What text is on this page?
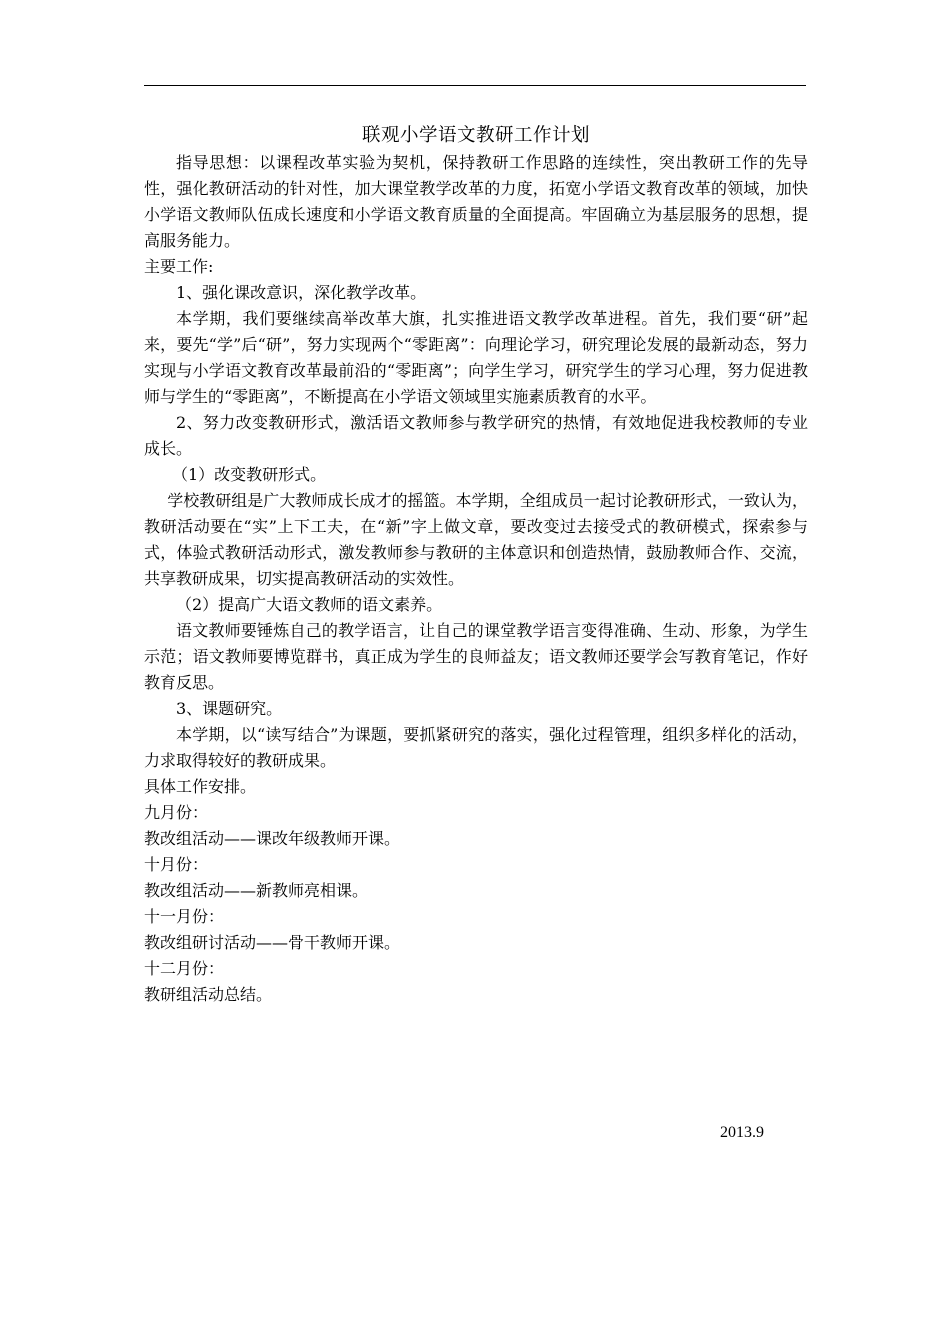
联观小学语文教研工作计划

指导思想：以课程改革实验为契机，保持教研工作思路的连续性，突出教研工作的先导性，强化教研活动的针对性，加大课堂教学改革的力度，拓宽小学语文教育改革的领域，加快小学语文教师队伍成长速度和小学语文教育质量的全面提高。牢固确立为基层服务的思想，提高服务能力。

主要工作:

1、强化课改意识，深化教学改革。

本学期，我们要继续高举改革大旗，扎实推进语文教学改革进程。首先，我们要“研”起来，要先“学”后“研”，努力实现两个“零距离”：向理论学习，研究理论发展的最新动态，努力实现与小学语文教育改革最前沿的“零距离”；向学生学习，研究学生的学习心理，努力促进教师与学生的“零距离”，不断提高在小学语文领域里实施素质教育的水平。

2、努力改变教研形式，激活语文教师参与教学研究的热情，有效地促进我校教师的专业成长。

（1）改变教研形式。

学校教研组是广大教师成长成才的摇篮。本学期，全组成员一起讨论教研形式，一致认为，教研活动要在“实”上下工夫，在“新”字上做文章，要改变过去接受式的教研模式，探索参与式，体验式教研活动形式，激发教师参与教研的主体意识和创造热情，鼓励教师合作、交流，共享教研成果，切实提高教研活动的实效性。

（2）提高广大语文教师的语文素养。

语文教师要锤炼自己的教学语言，让自己的课堂教学语言变得准确、生动、形象，为学生示范；语文教师要博览群书，真正成为学生的良师益友；语文教师还要学会写教育笔记，作好教育反思。

3、课题研究。

本学期，以“读写结合”为课题，要抓紧研究的落实，强化过程管理，组织多样化的活动，力求取得较好的教研成果。

具体工作安排。

九月份：

教改组活动——课改年级教师开课。

十月份：

教改组活动——新教师亮相课。

十一月份：

教改组研讨活动——骨干教师开课。

十二月份：

教研组活动总结。

2013.9
